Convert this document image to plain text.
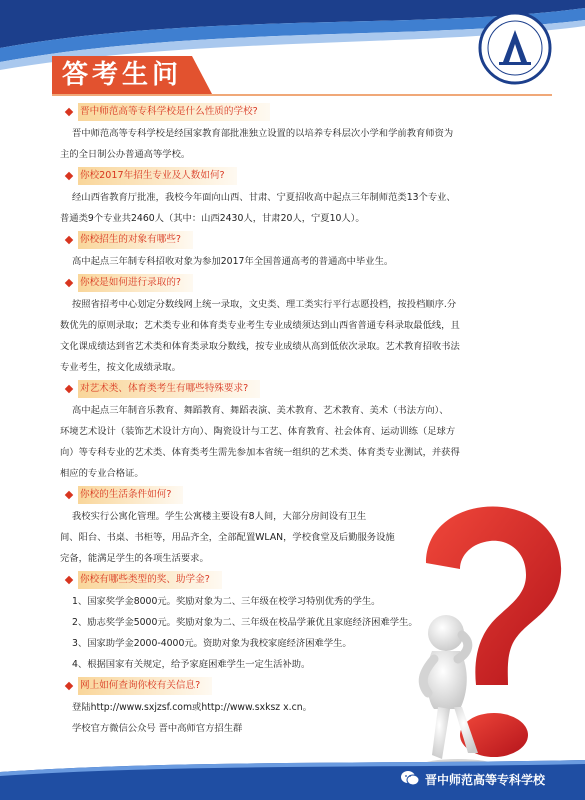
答考生问
晋中师范高等专科学校是什么性质的学校?
晋中师范高等专科学校是经国家教育部批准独立设置的以培养专科层次小学和学前教育师资为
主的全日制公办普通高等学校。
你校2017年招生专业及人数如何?
经山西省教育厅批准，我校今年面向山西、甘肃、宁夏招收高中起点三年制师范类13个专业、
普通类9个专业共2460人（其中：山西2430人，甘肃20人，宁夏10人）。
你校招生的对象有哪些?
高中起点三年制专科招收对象为参加2017年全国普通高考的普通高中毕业生。
你校是如何进行录取的?
按照省招考中心划定分数线网上统一录取，文史类、理工类实行平行志愿投档，按投档顺序.分
数优先的原则录取；艺术类专业和体育类专业考生专业成绩须达到山西省普通专科录取最低线，且
文化课成绩达到省艺术类和体育类录取分数线，按专业成绩从高到低依次录取。艺术教育招收书法
专业考生，按文化成绩录取。
对艺术类、体育类考生有哪些特殊要求?
高中起点三年制音乐教育、舞蹈教育、舞蹈表演、美术教育、艺术教育、美术（书法方向）、
环境艺术设计（装饰艺术设计方向）、陶瓷设计与工艺、体育教育、社会体育、运动训练（足球方
向）等专科专业的艺术类、体育类考生需先参加本省统一组织的艺术类、体育类专业测试，并获得
相应的专业合格证。
你校的生活条件如何?
我校实行公寓化管理。学生公寓楼主要设有8人间，大部分房间设有卫生
间、阳台、书桌、书柜等，用品齐全，全部配置WLAN，学校食堂及后勤服务设施
完备，能满足学生的各项生活要求。
你校有哪些类型的奖、助学金?
1、国家奖学金8000元。奖励对象为二、三年级在校学习特别优秀的学生。
2、励志奖学金5000元。奖励对象为二、三年级在校品学兼优且家庭经济困难学生。
3、国家助学金2000-4000元。资助对象为我校家庭经济困难学生。
4、根据国家有关规定，给予家庭困难学生一定生活补助。
网上如何查询你校有关信息?
登陆http://www.sxjzsf.com或http://www.sxksz x.cn。
学校官方微信公众号 晋中高师官方招生群
晋中师范高等专科学校
